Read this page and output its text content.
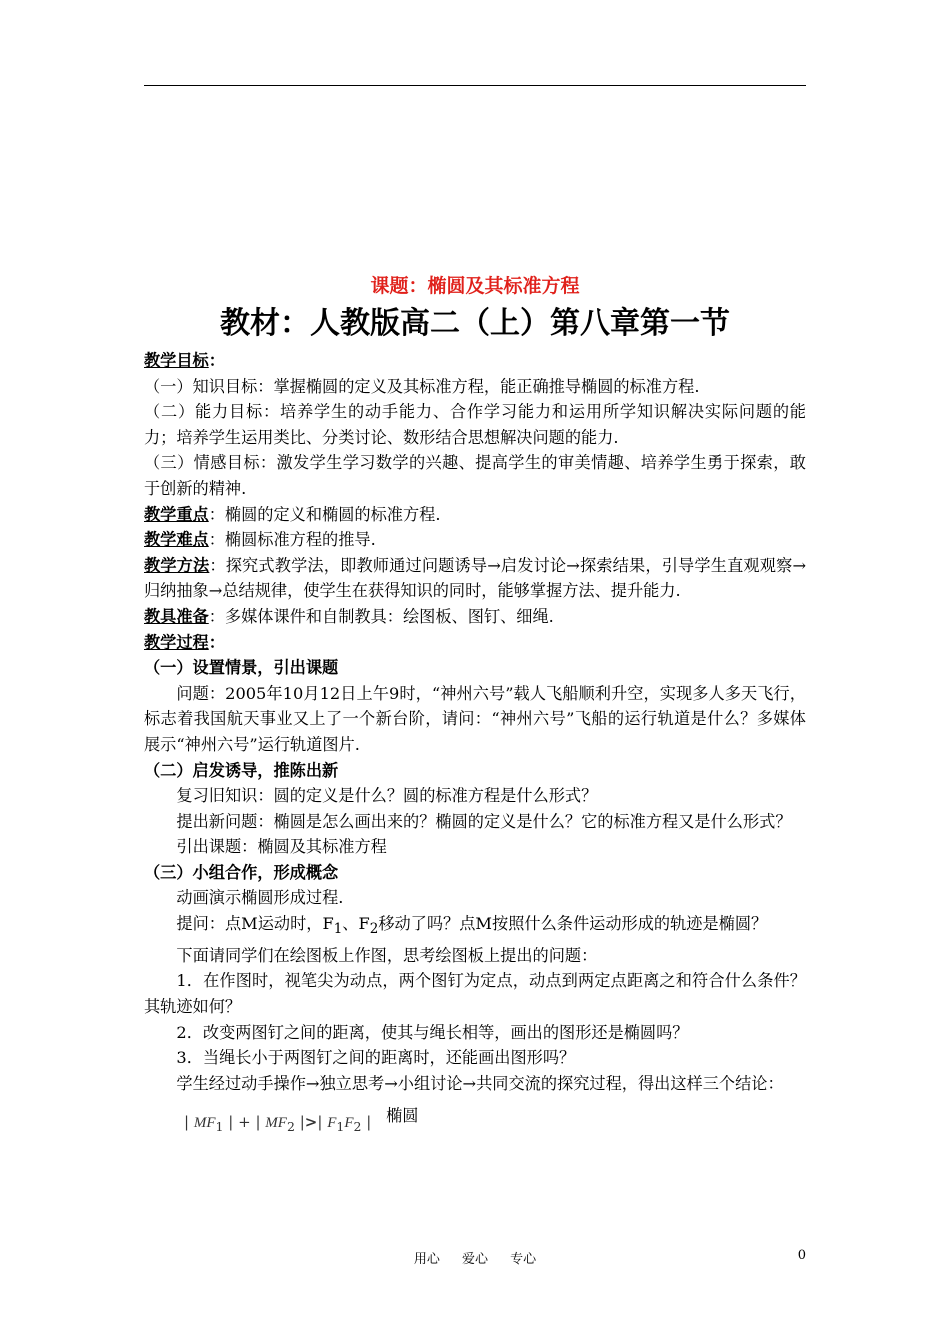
课题：椭圆及其标准方程

教材：人教版高二（上）第八章第一节

教学目标：

（一）知识目标：掌握椭圆的定义及其标准方程，能正确推导椭圆的标准方程.

（二）能力目标：培养学生的动手能力、合作学习能力和运用所学知识解决实际问题的能力；培养学生运用类比、分类讨论、数形结合思想解决问题的能力.

（三）情感目标：激发学生学习数学的兴趣、提高学生的审美情趣、培养学生勇于探索，敢于创新的精神.

教学重点：椭圆的定义和椭圆的标准方程.

教学难点：椭圆标准方程的推导.

教学方法：探究式教学法，即教师通过问题诱导→启发讨论→探索结果，引导学生直观观察→归纳抽象→总结规律，使学生在获得知识的同时，能够掌握方法、提升能力.

教具准备：多媒体课件和自制教具：绘图板、图钉、细绳.

教学过程：

（一）设置情景，引出课题

问题：2005年10月12日上午9时，“神州六号”载人飞船顺利升空，实现多人多天飞行，标志着我国航天事业又上了一个新台阶，请问：“神州六号”飞船的运行轨道是什么？多媒体展示“神州六号”运行轨道图片.

（二）启发诱导，推陈出新

复习旧知识：圆的定义是什么？圆的标准方程是什么形式？

提出新问题：椭圆是怎么画出来的？椭圆的定义是什么？它的标准方程又是什么形式？

引出课题：椭圆及其标准方程

（三）小组合作，形成概念

动画演示椭圆形成过程.

提问：点M运动时，$F_1$、$F_2$移动了吗？点M按照什么条件运动形成的轨迹是椭圆？

下面请同学们在绘图板上作图，思考绘图板上提出的问题：

1．在作图时，视笔尖为动点，两个图钉为定点，动点到两定点距离之和符合什么条件？其轨迹如何？

2．改变两图钉之间的距离，使其与绳长相等，画出的图形还是椭圆吗？

3．当绳长小于两图钉之间的距离时，还能画出图形吗？

学生经过动手操作→独立思考→小组讨论→共同交流的探究过程，得出这样三个结论：

| $MF_1$ | + | $MF_2$ |>| $F_1F_2$ | 椭圆
用心 爱心 专心	0
